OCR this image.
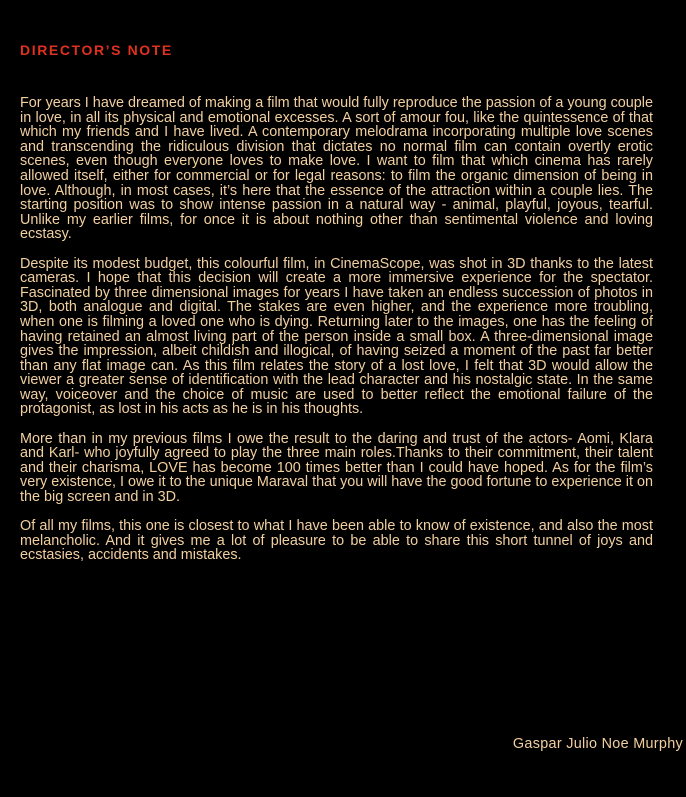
DIRECTOR’S NOTE

For years I have dreamed of making a film that would fully reproduce the passion of a young couple in love, in all its physical and emotional excesses. A sort of amour fou, like the quintessence of that which my friends and I have lived. A contemporary melodrama incorporating multiple love scenes and transcending the ridiculous division that dictates no normal film can contain overtly erotic scenes, even though everyone loves to make love. I want to film that which cinema has rarely allowed itself, either for commercial or for legal reasons: to film the organic dimension of being in love. Although, in most cases, it’s here that the essence of the attraction within a couple lies. The starting position was to show intense passion in a natural way - animal, playful, joyous, tearful. Unlike my earlier films, for once it is about nothing other than sentimental violence and loving ecstasy.

Despite its modest budget, this colourful film, in CinemaScope, was shot in 3D thanks to the latest cameras. I hope that this decision will create a more immersive experience for the spectator. Fascinated by three dimensional images for years I have taken an endless succession of photos in 3D, both analogue and digital. The stakes are even higher, and the experience more troubling, when one is filming a loved one who is dying. Returning later to the images, one has the feeling of having retained an almost living part of the person inside a small box. A three-dimensional image gives the impression, albeit childish and illogical, of having seized a moment of the past far better than any flat image can. As this film relates the story of a lost love, I felt that 3D would allow the viewer a greater sense of identification with the lead character and his nostalgic state. In the same way, voiceover and the choice of music are used to better reflect the emotional failure of the protagonist, as lost in his acts as he is in his thoughts.

More than in my previous films I owe the result to the daring and trust of the actors- Aomi, Klara and Karl- who joyfully agreed to play the three main roles.Thanks to their commitment, their talent and their charisma, LOVE has become 100 times better than I could have hoped. As for the film’s very existence, I owe it to the unique Maraval that you will have the good fortune to experience it on the big screen and in 3D.

Of all my films, this one is closest to what I have been able to know of existence, and also the most melancholic. And it gives me a lot of pleasure to be able to share this short tunnel of joys and ecstasies, accidents and mistakes.

Gaspar Julio Noe Murphy
